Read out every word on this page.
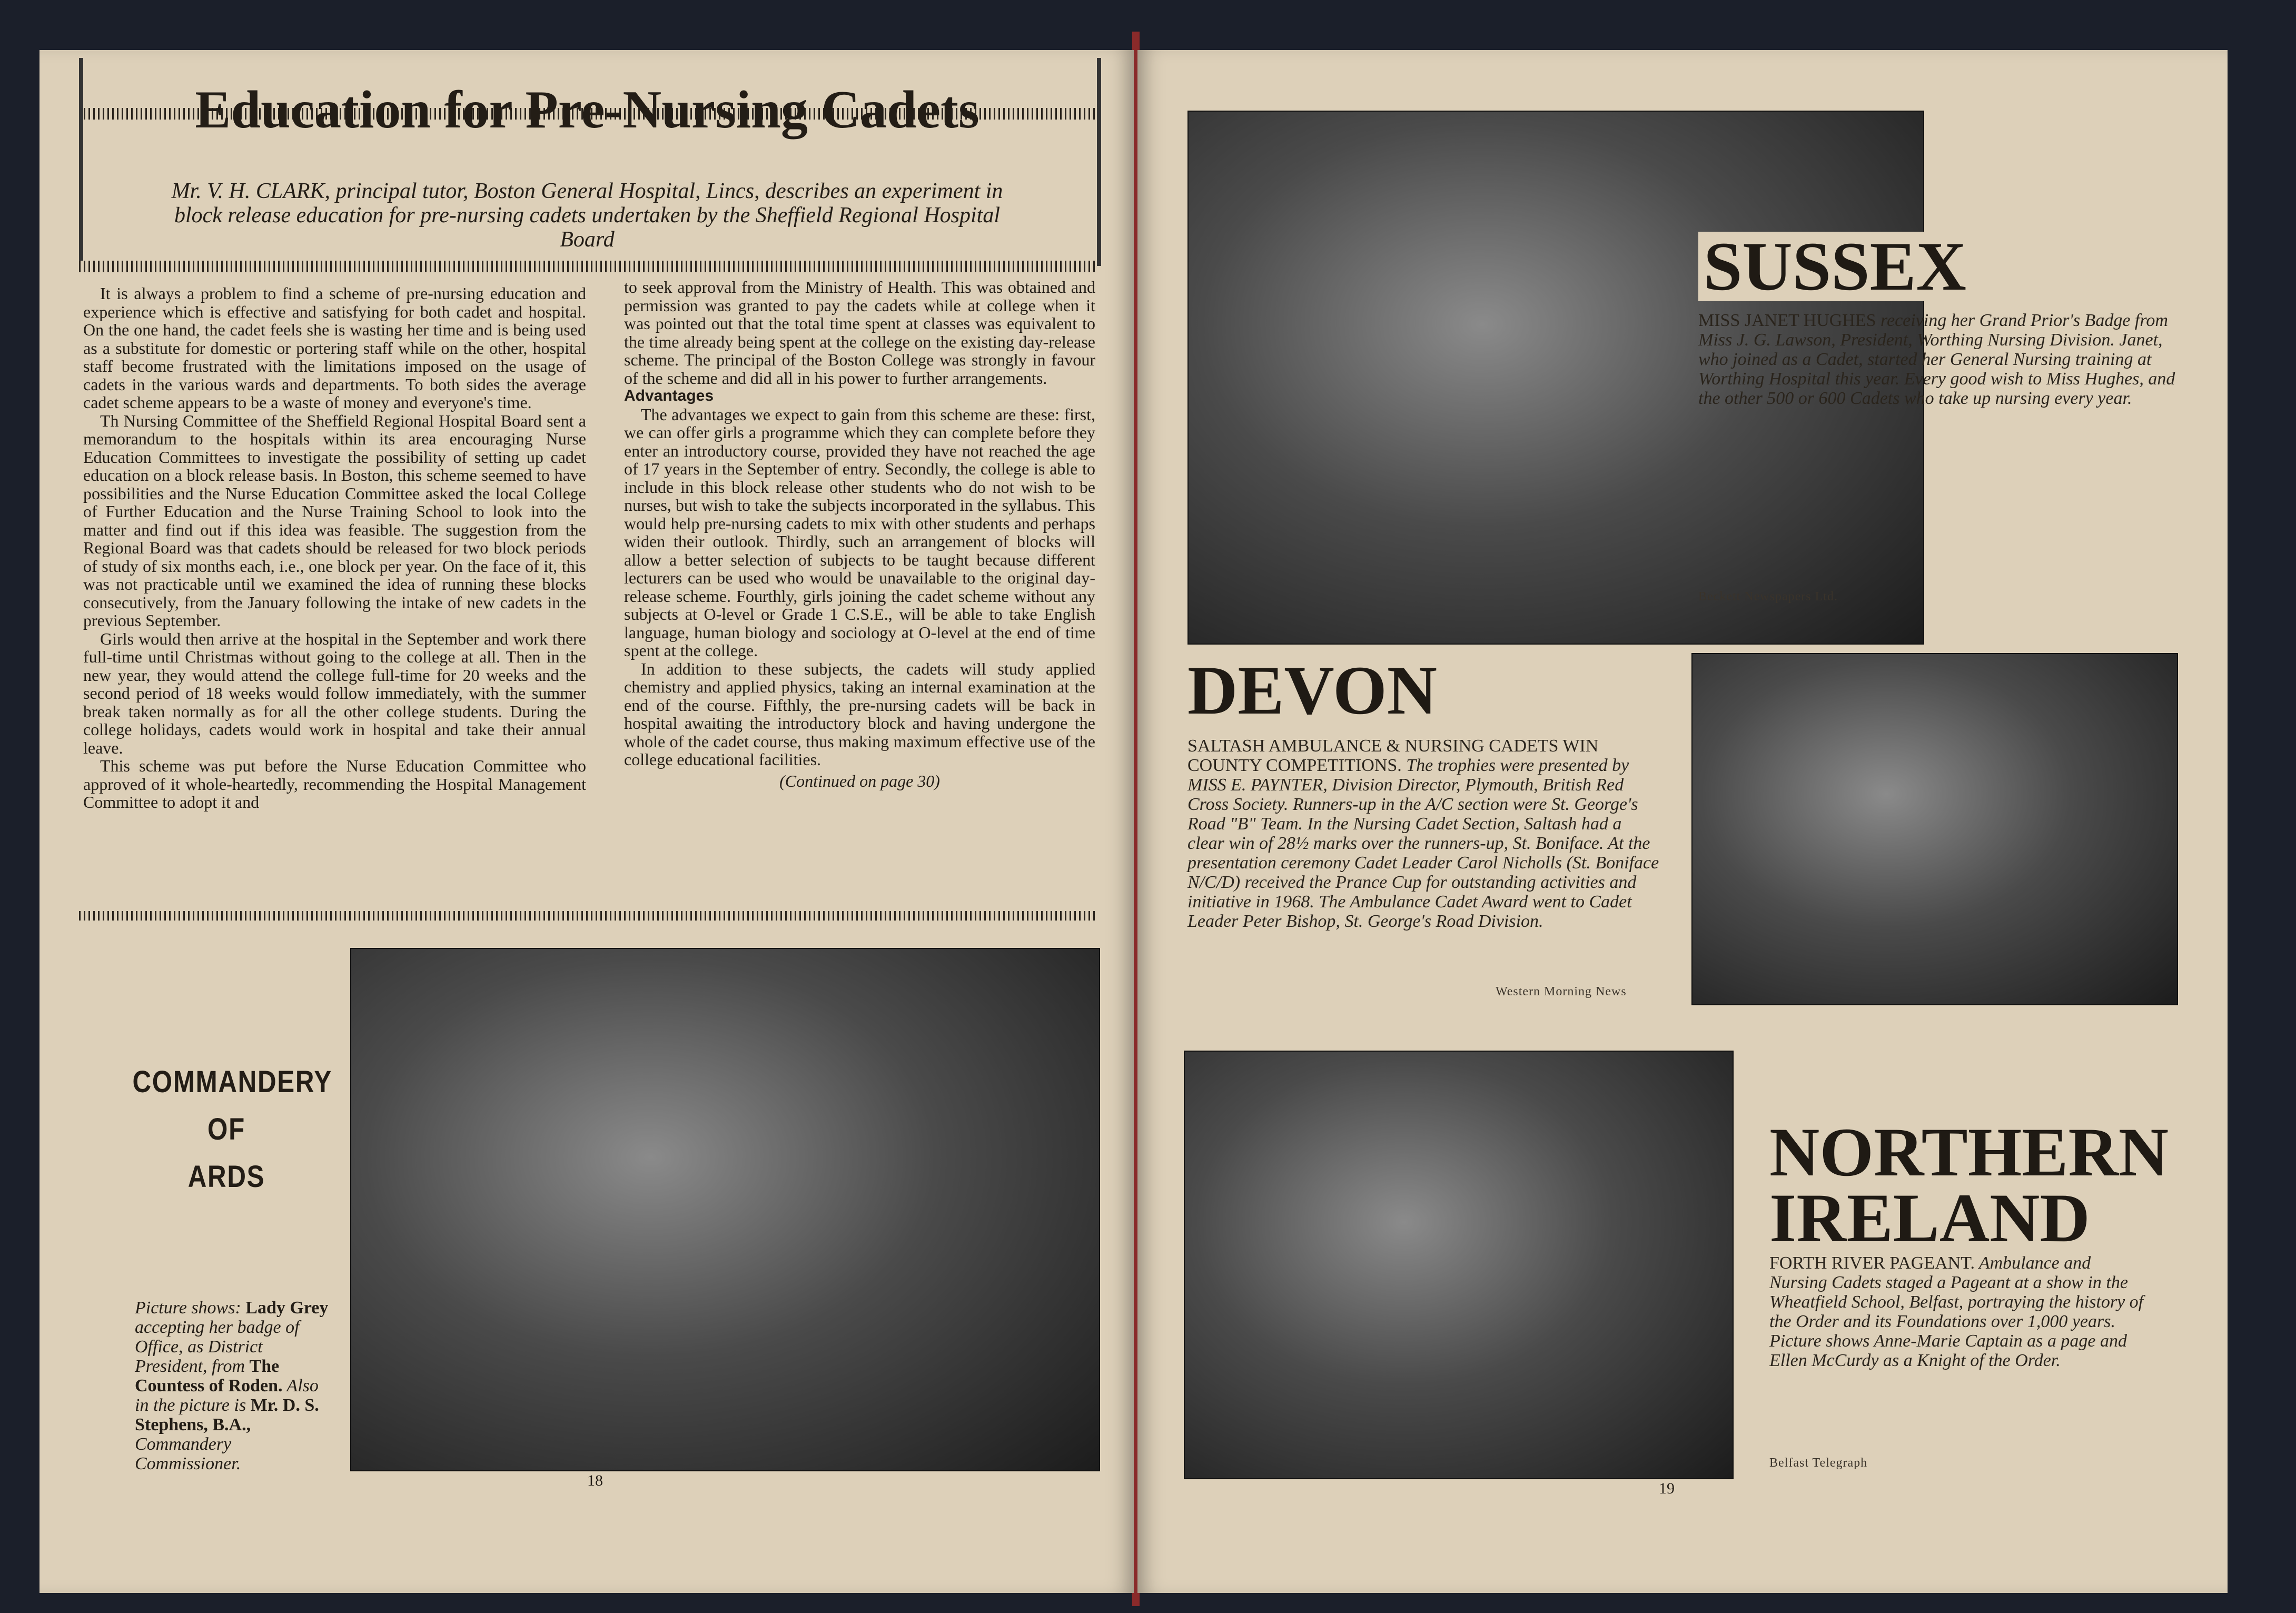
Education for Pre-Nursing Cadets

Mr. V. H. CLARK, principal tutor, Boston General Hospital, Lincs, describes an experiment in block release education for pre-nursing cadets undertaken by the Sheffield Regional Hospital Board

It is always a problem to find a scheme of pre-nursing education and experience which is effective and satisfying for both cadet and hospital. On the one hand, the cadet feels she is wasting her time and is being used as a substitute for domestic or portering staff while on the other, hospital staff become frustrated with the limitations imposed on the usage of cadets in the various wards and departments. To both sides the average cadet scheme appears to be a waste of money and everyone's time.

Th Nursing Committee of the Sheffield Regional Hospital Board sent a memorandum to the hospitals within its area encouraging Nurse Education Committees to investigate the possibility of setting up cadet education on a block release basis. In Boston, this scheme seemed to have possibilities and the Nurse Education Committee asked the local College of Further Education and the Nurse Training School to look into the matter and find out if this idea was feasible. The suggestion from the Regional Board was that cadets should be released for two block periods of study of six months each, i.e., one block per year. On the face of it, this was not practicable until we examined the idea of running these blocks consecutively, from the January following the intake of new cadets in the previous September.

Girls would then arrive at the hospital in the September and work there full-time until Christmas without going to the college at all. Then in the new year, they would attend the college full-time for 20 weeks and the second period of 18 weeks would follow immediately, with the summer break taken normally as for all the other college students. During the college holidays, cadets would work in hospital and take their annual leave.

This scheme was put before the Nurse Education Committee who approved of it whole-heartedly, recommending the Hospital Management Committee to adopt it and

to seek approval from the Ministry of Health. This was obtained and permission was granted to pay the cadets while at college when it was pointed out that the total time spent at classes was equivalent to the time already being spent at the college on the existing day-release scheme. The principal of the Boston College was strongly in favour of the scheme and did all in his power to further arrangements.

Advantages

The advantages we expect to gain from this scheme are these: first, we can offer girls a programme which they can complete before they enter an introductory course, provided they have not reached the age of 17 years in the September of entry. Secondly, the college is able to include in this block release other students who do not wish to be nurses, but wish to take the subjects incorporated in the syllabus. This would help pre-nursing cadets to mix with other students and perhaps widen their outlook. Thirdly, such an arrangement of blocks will allow a better selection of subjects to be taught because different lecturers can be used who would be unavailable to the original day-release scheme. Fourthly, girls joining the cadet scheme without any subjects at O-level or Grade 1 C.S.E., will be able to take English language, human biology and sociology at O-level at the end of time spent at the college.

In addition to these subjects, the cadets will study applied chemistry and applied physics, taking an internal examination at the end of the course. Fifthly, the pre-nursing cadets will be back in hospital awaiting the introductory block and having undergone the whole of the cadet course, thus making maximum effective use of the college educational facilities.

(Continued on page 30)

COMMANDERY
OF
ARDS

Picture shows: Lady Grey accepting her badge of Office, as District President, from The Countess of Roden. Also in the picture is Mr. D. S. Stephens, B.A., Commandery Commissioner.

18

SUSSEX

MISS JANET HUGHES receiving her Grand Prior's Badge from Miss J. G. Lawson, President, Worthing Nursing Division. Janet, who joined as a Cadet, started her General Nursing training at Worthing Hospital this year. Every good wish to Miss Hughes, and the other 500 or 600 Cadets who take up nursing every year.

Beckett Newspapers Ltd.

DEVON

SALTASH AMBULANCE & NURSING CADETS WIN COUNTY COMPETITIONS. The trophies were presented by MISS E. PAYNTER, Division Director, Plymouth, British Red Cross Society. Runners-up in the A/C section were St. George's Road "B" Team. In the Nursing Cadet Section, Saltash had a clear win of 28½ marks over the runners-up, St. Boniface. At the presentation ceremony Cadet Leader Carol Nicholls (St. Boniface N/C/D) received the Prance Cup for outstanding activities and initiative in 1968. The Ambulance Cadet Award went to Cadet Leader Peter Bishop, St. George's Road Division.

Western Morning News

NORTHERN
IRELAND

FORTH RIVER PAGEANT. Ambulance and Nursing Cadets staged a Pageant at a show in the Wheatfield School, Belfast, portraying the history of the Order and its Foundations over 1,000 years. Picture shows Anne-Marie Captain as a page and Ellen McCurdy as a Knight of the Order.

Belfast Telegraph

19
